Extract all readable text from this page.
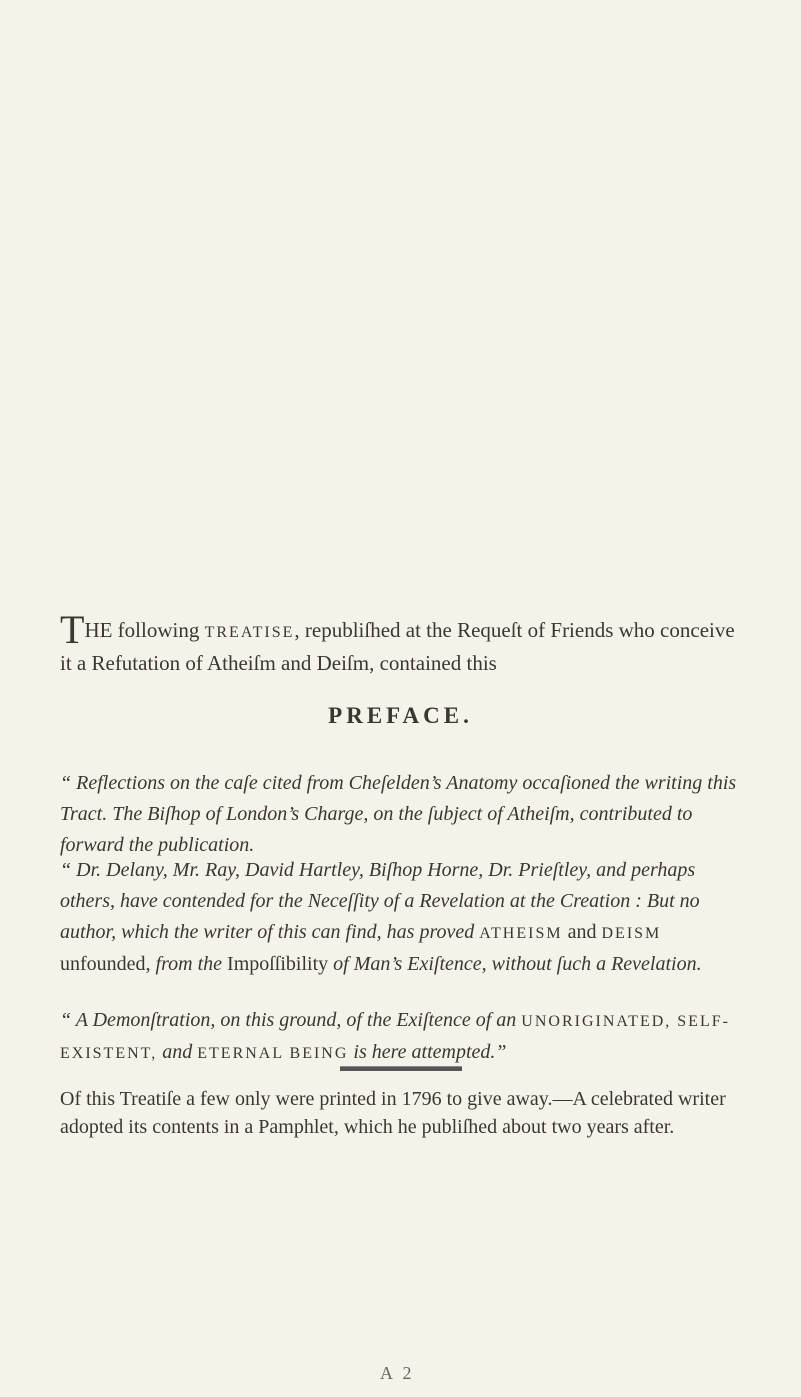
THE following TREATISE, republiſhed at the Requeſt of Friends who conceive it a Refutation of Atheiſm and Deiſm, contained this
PREFACE.
“ Reflections on the caſe cited from Cheſelden’s Anatomy occaſioned the writing this Tract. The Biſhop of London’s Charge, on the ſubject of Atheiſm, contributed to forward the publication.
“ Dr. Delany, Mr. Ray, David Hartley, Biſhop Horne, Dr. Prieſtley, and perhaps others, have contended for the Neceſſity of a Revelation at the Creation : But no author, which the writer of this can find, has proved ATHEISM and DEISM unfounded, from the Impoſſibility of Man’s Exiſtence, without ſuch a Revelation.
“ A Demonſtration, on this ground, of the Exiſtence of an UNORIGINATED, SELF-EXISTENT, and ETERNAL BEING is here attempted.”
Of this Treatiſe a few only were printed in 1796 to give away.—A celebrated writer adopted its contents in a Pamphlet, which he publiſhed about two years after.
A 2
